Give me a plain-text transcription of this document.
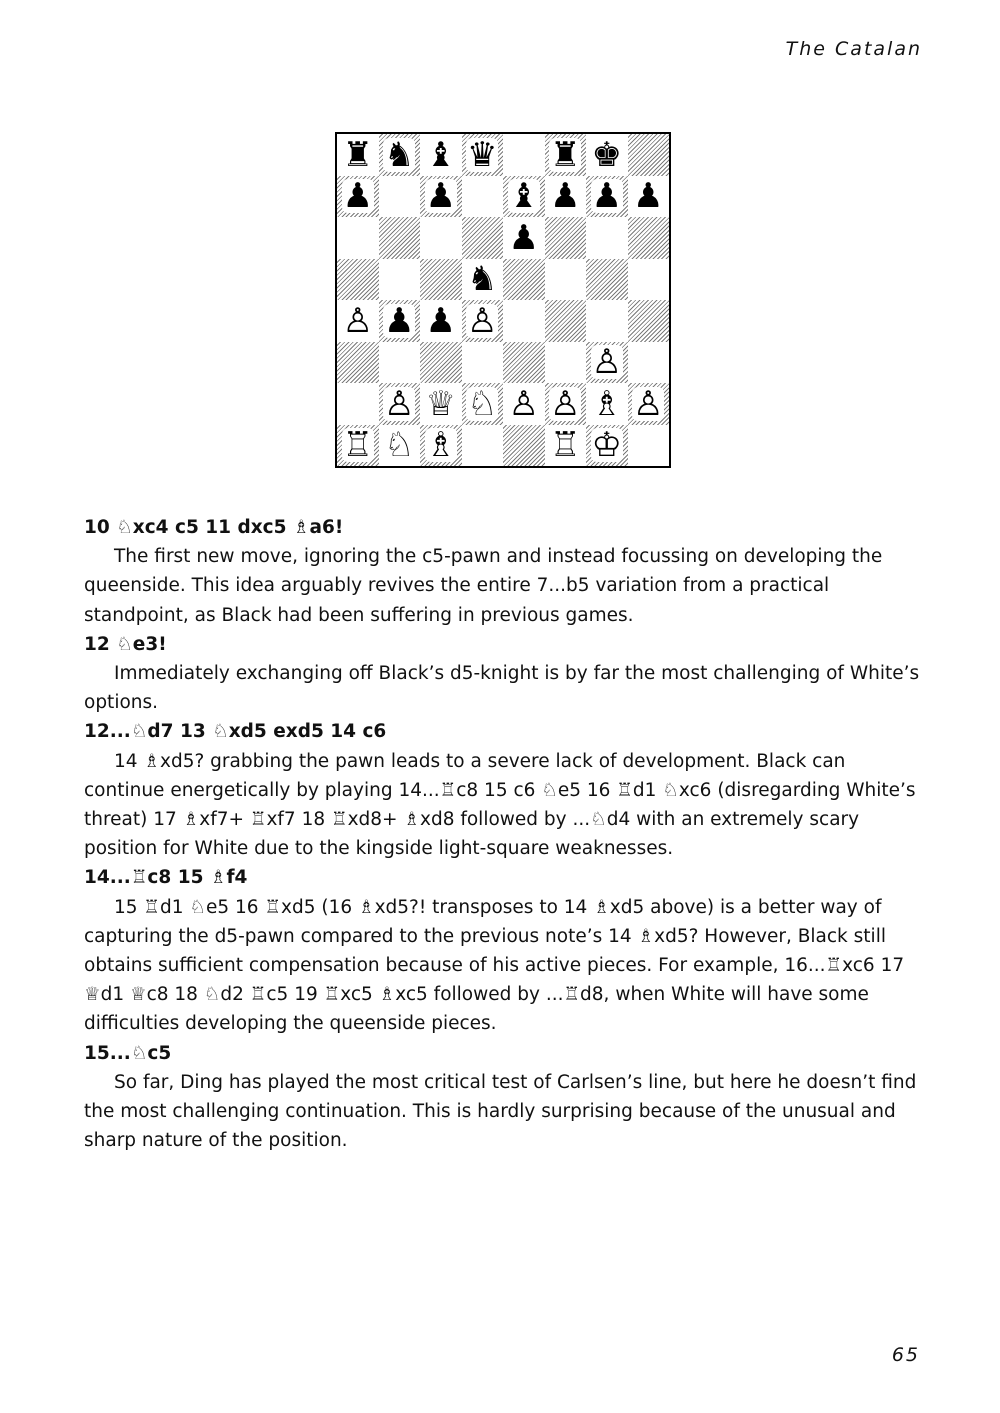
The Catalan
♜ ♞ ♝ ♛ ♜ ♚
♟ ♟ ♝ ♟ ♟ ♟
♟
♞
♙ ♟ ♟ ♙
♙
♙ ♕ ♘ ♙ ♙ ♗ ♙
♖ ♘ ♗	♖ ♔

10 ♘xc4 c5 11 dxc5 ♗a6!

The first new move, ignoring the c5-pawn and instead focussing on developing the queenside. This idea arguably revives the entire 7...b5 variation from a practical standpoint, as Black had been suffering in previous games.

12 ♘e3!

Immediately exchanging off Black’s d5-knight is by far the most challenging of White’s options.

12...♘d7 13 ♘xd5 exd5 14 c6

14 ♗xd5? grabbing the pawn leads to a severe lack of development. Black can continue energetically by playing 14...♖c8 15 c6 ♘e5 16 ♖d1 ♘xc6 (disregarding White’s threat) 17 ♗xf7+ ♖xf7 18 ♖xd8+ ♗xd8 followed by ...♘d4 with an extremely scary position for White due to the kingside light-square weaknesses.

14...♖c8 15 ♗f4

15 ♖d1 ♘e5 16 ♖xd5 (16 ♗xd5?! transposes to 14 ♗xd5 above) is a better way of capturing the d5-pawn compared to the previous note’s 14 ♗xd5? However, Black still obtains sufficient compensation because of his active pieces. For example, 16...♖xc6 17 ♕d1 ♕c8 18 ♘d2 ♖c5 19 ♖xc5 ♗xc5 followed by ...♖d8, when White will have some difficulties developing the queenside pieces.

15...♘c5

So far, Ding has played the most critical test of Carlsen’s line, but here he doesn’t find the most challenging continuation. This is hardly surprising because of the unusual and sharp nature of the position.

65
